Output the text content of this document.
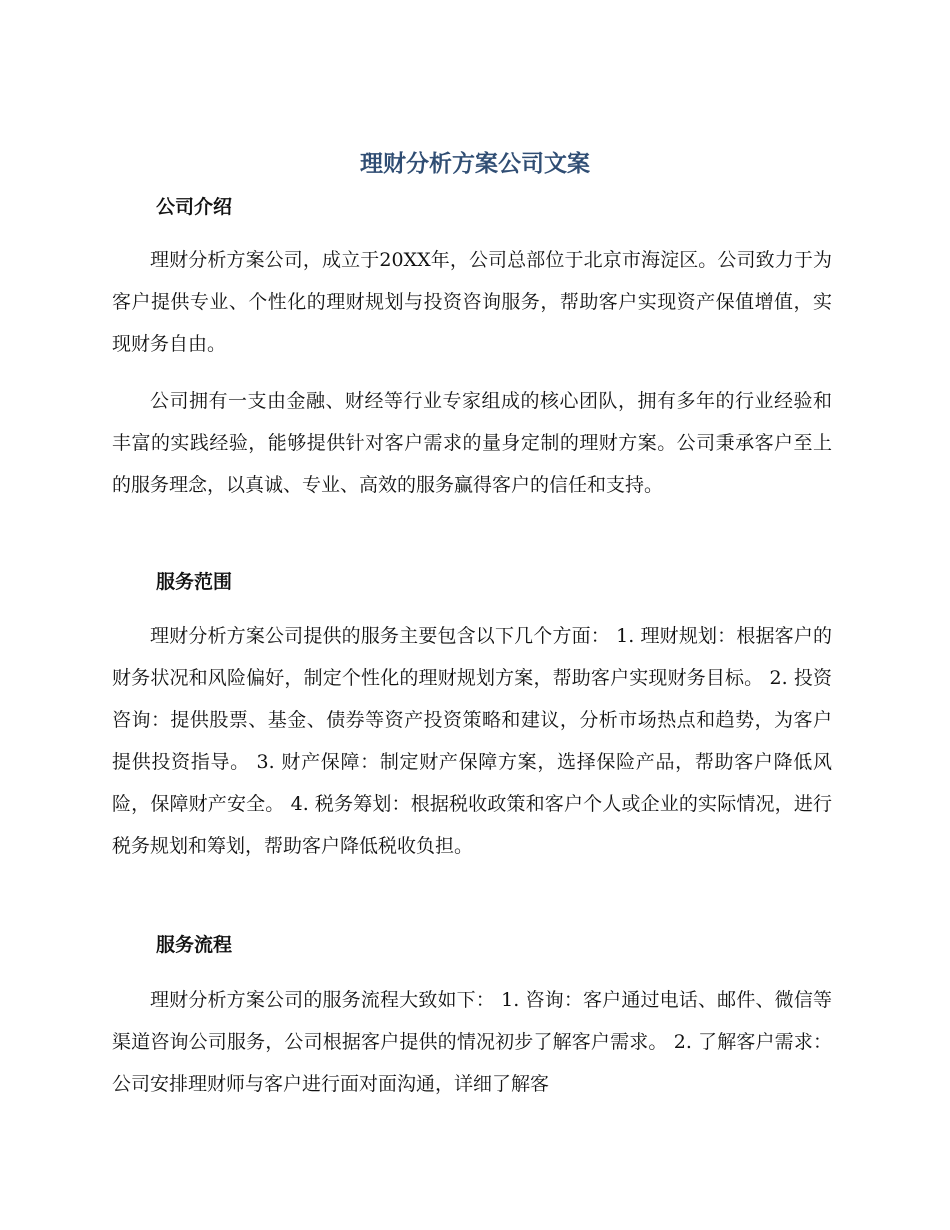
理财分析方案公司文案
公司介绍

理财分析方案公司，成立于20XX年，公司总部位于北京市海淀区。公司致力于为客户提供专业、个性化的理财规划与投资咨询服务，帮助客户实现资产保值增值，实现财务自由。

公司拥有一支由金融、财经等行业专家组成的核心团队，拥有多年的行业经验和丰富的实践经验，能够提供针对客户需求的量身定制的理财方案。公司秉承客户至上的服务理念，以真诚、专业、高效的服务赢得客户的信任和支持。

服务范围

理财分析方案公司提供的服务主要包含以下几个方面： 1. 理财规划：根据客户的财务状况和风险偏好，制定个性化的理财规划方案，帮助客户实现财务目标。 2. 投资咨询：提供股票、基金、债券等资产投资策略和建议，分析市场热点和趋势，为客户提供投资指导。 3. 财产保障：制定财产保障方案，选择保险产品，帮助客户降低风险，保障财产安全。 4. 税务筹划：根据税收政策和客户个人或企业的实际情况，进行税务规划和筹划，帮助客户降低税收负担。

服务流程

理财分析方案公司的服务流程大致如下： 1. 咨询：客户通过电话、邮件、微信等渠道咨询公司服务，公司根据客户提供的情况初步了解客户需求。 2. 了解客户需求：公司安排理财师与客户进行面对面沟通，详细了解客
